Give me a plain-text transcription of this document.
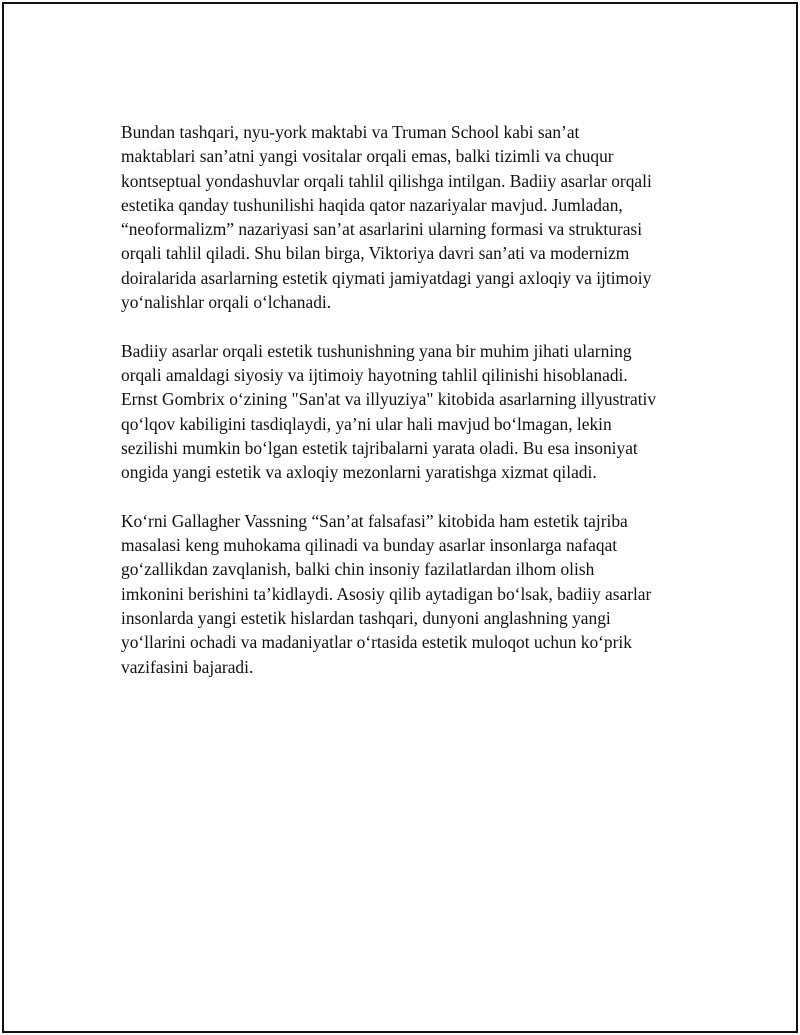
Bundan tashqari, nyu-york maktabi va Truman School kabi san’at
maktablari san’atni yangi vositalar orqali emas, balki tizimli va chuqur
kontseptual yondashuvlar orqali tahlil qilishga intilgan. Badiiy asarlar orqali
estetika qanday tushunilishi haqida qator nazariyalar mavjud. Jumladan,
“neoformalizm” nazariyasi san’at asarlarini ularning formasi va strukturasi
orqali tahlil qiladi. Shu bilan birga, Viktoriya davri san’ati va modernizm
doiralarida asarlarning estetik qiymati jamiyatdagi yangi axloqiy va ijtimoiy
yo‘nalishlar orqali o‘lchanadi.

Badiiy asarlar orqali estetik tushunishning yana bir muhim jihati ularning
orqali amaldagi siyosiy va ijtimoiy hayotning tahlil qilinishi hisoblanadi.
Ernst Gombrix o‘zining "San'at va illyuziya" kitobida asarlarning illyustrativ
qo‘lqov kabiligini tasdiqlaydi, ya’ni ular hali mavjud bo‘lmagan, lekin
sezilishi mumkin bo‘lgan estetik tajribalarni yarata oladi. Bu esa insoniyat
ongida yangi estetik va axloqiy mezonlarni yaratishga xizmat qiladi.

Ko‘rni Gallagher Vassning “San’at falsafasi” kitobida ham estetik tajriba
masalasi keng muhokama qilinadi va bunday asarlar insonlarga nafaqat
go‘zallikdan zavqlanish, balki chin insoniy fazilatlardan ilhom olish
imkonini berishini ta’kidlaydi. Asosiy qilib aytadigan bo‘lsak, badiiy asarlar
insonlarda yangi estetik hislardan tashqari, dunyoni anglashning yangi
yo‘llarini ochadi va madaniyatlar o‘rtasida estetik muloqot uchun ko‘prik
vazifasini bajaradi.
